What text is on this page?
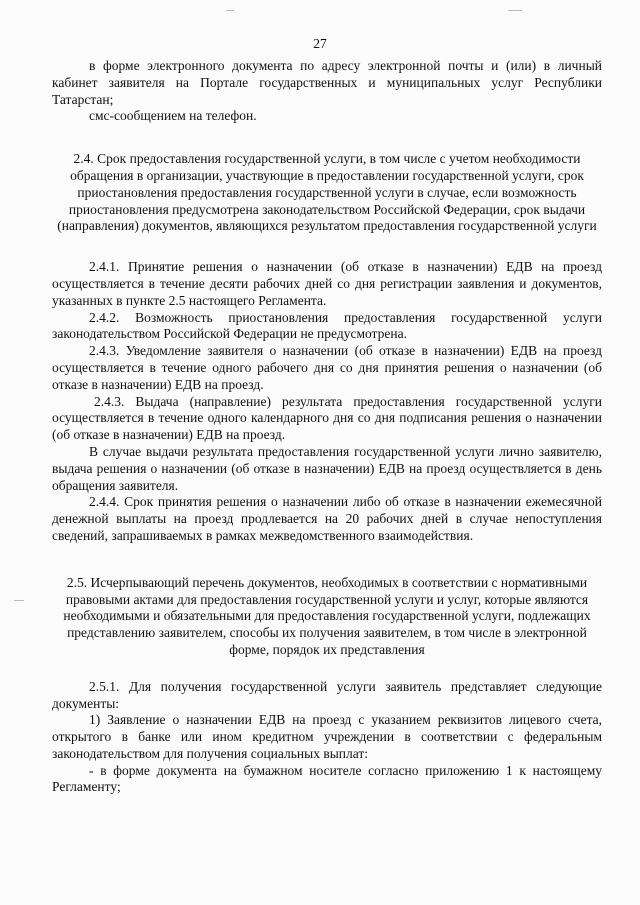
27

в форме электронного документа по адресу электронной почты и (или) в личный кабинет заявителя на Портале государственных и муниципальных услуг Республики Татарстан;

смс-сообщением на телефон.

2.4. Срок предоставления государственной услуги, в том числе с учетом необходимости обращения в организации, участвующие в предоставлении государственной услуги, срок приостановления предоставления государственной услуги в случае, если возможность приостановления предусмотрена законодательством Российской Федерации, срок выдачи (направления) документов, являющихся результатом предоставления государственной услуги

2.4.1. Принятие решения о назначении (об отказе в назначении) ЕДВ на проезд осуществляется в течение десяти рабочих дней со дня регистрации заявления и документов, указанных в пункте 2.5 настоящего Регламента.

2.4.2. Возможность приостановления предоставления государственной услуги законодательством Российской Федерации не предусмотрена.

2.4.3. Уведомление заявителя о назначении (об отказе в назначении) ЕДВ на проезд осуществляется в течение одного рабочего дня со дня принятия решения о назначении (об отказе в назначении) ЕДВ на проезд.

2.4.3. Выдача (направление) результата предоставления государственной услуги осуществляется в течение одного календарного дня со дня подписания решения о назначении (об отказе в назначении) ЕДВ на проезд.

В случае выдачи результата предоставления государственной услуги лично заявителю, выдача решения о назначении (об отказе в назначении) ЕДВ на проезд осуществляется в день обращения заявителя.

2.4.4. Срок принятия решения о назначении либо об отказе в назначении ежемесячной денежной выплаты на проезд продлевается на 20 рабочих дней в случае непоступления сведений, запрашиваемых в рамках межведомственного взаимодействия.

2.5. Исчерпывающий перечень документов, необходимых в соответствии с нормативными правовыми актами для предоставления государственной услуги и услуг, которые являются необходимыми и обязательными для предоставления государственной услуги, подлежащих представлению заявителем, способы их получения заявителем, в том числе в электронной форме, порядок их представления

2.5.1. Для получения государственной услуги заявитель представляет следующие документы:

1) Заявление о назначении ЕДВ на проезд с указанием реквизитов лицевого счета, открытого в банке или ином кредитном учреждении в соответствии с федеральным законодательством для получения социальных выплат:

- в форме документа на бумажном носителе согласно приложению 1 к настоящему Регламенту;
